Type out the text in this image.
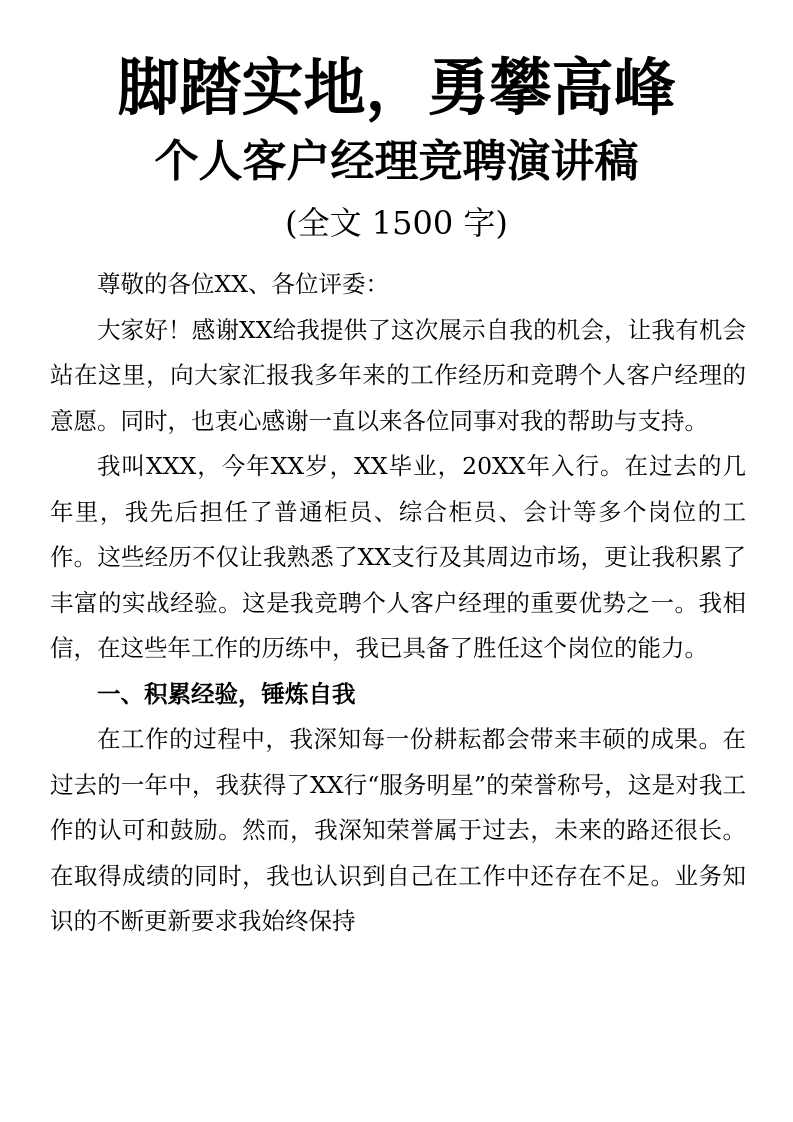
脚踏实地，勇攀高峰
个人客户经理竞聘演讲稿
(全文 1500 字)

尊敬的各位XX、各位评委：

大家好！感谢XX给我提供了这次展示自我的机会，让我有机会站在这里，向大家汇报我多年来的工作经历和竞聘个人客户经理的意愿。同时，也衷心感谢一直以来各位同事对我的帮助与支持。

我叫XXX，今年XX岁，XX毕业，20XX年入行。在过去的几年里，我先后担任了普通柜员、综合柜员、会计等多个岗位的工作。这些经历不仅让我熟悉了XX支行及其周边市场，更让我积累了丰富的实战经验。这是我竞聘个人客户经理的重要优势之一。我相信，在这些年工作的历练中，我已具备了胜任这个岗位的能力。

一、积累经验，锤炼自我

在工作的过程中，我深知每一份耕耘都会带来丰硕的成果。在过去的一年中，我获得了XX行“服务明星”的荣誉称号，这是对我工作的认可和鼓励。然而，我深知荣誉属于过去，未来的路还很长。在取得成绩的同时，我也认识到自己在工作中还存在不足。业务知识的不断更新要求我始终保持
